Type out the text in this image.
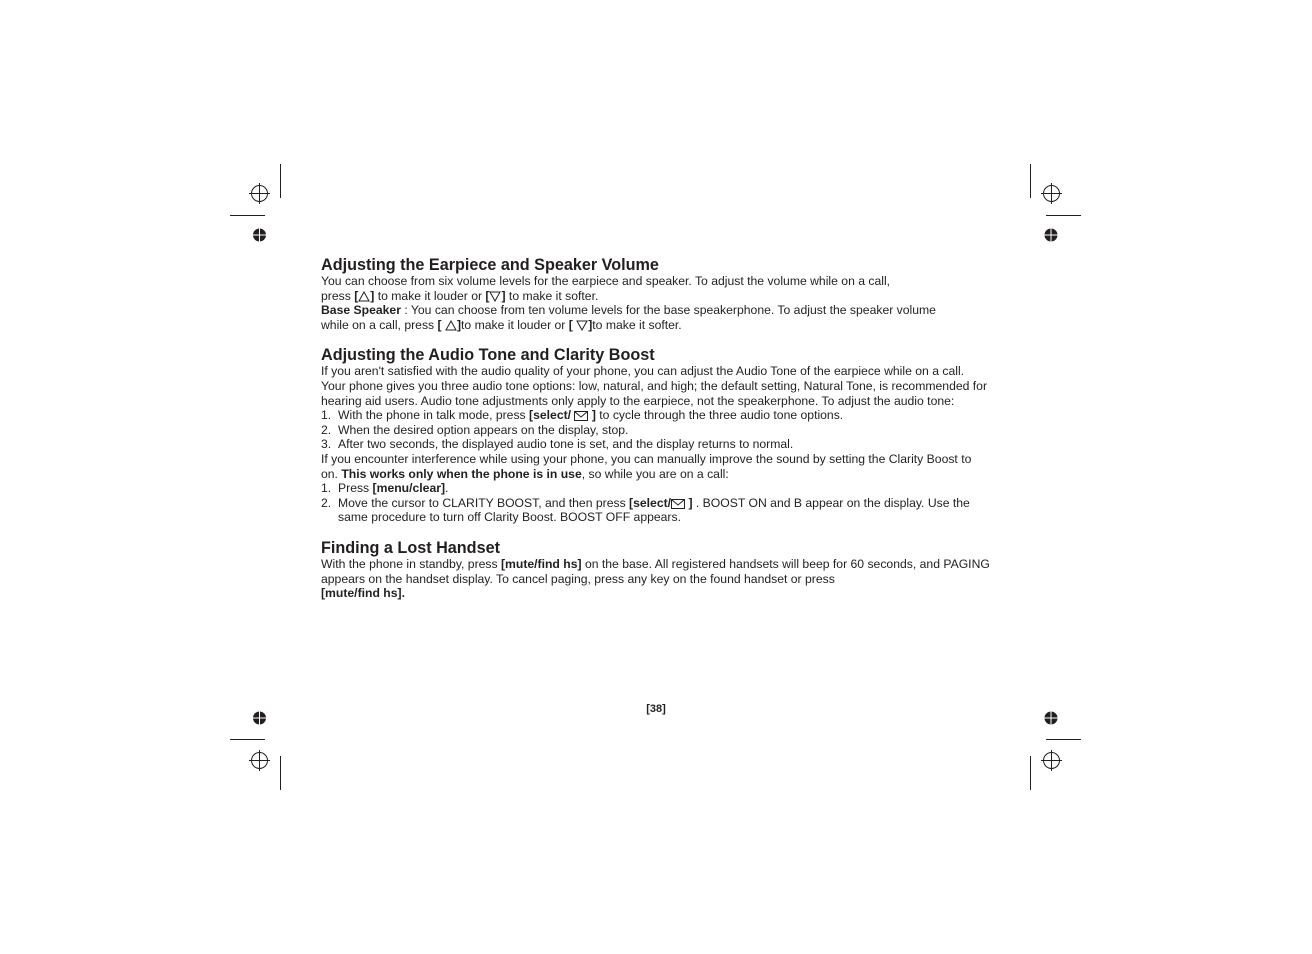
Adjusting the Earpiece and Speaker Volume

You can choose from six volume levels for the earpiece and speaker. To adjust the volume while on a call,

press [ ] to make it louder or [ ] to make it softer.

Base Speaker : You can choose from ten volume levels for the base speakerphone. To adjust the speaker volume

while on a call, press [ ]to make it louder or [ ]to make it softer.

Adjusting the Audio Tone and Clarity Boost

If you aren't satisfied with the audio quality of your phone, you can adjust the Audio Tone of the earpiece while on a call. Your phone gives you three audio tone options: low, natural, and high; the default setting, Natural Tone, is recommended for hearing aid users. Audio tone adjustments only apply to the earpiece, not the speakerphone. To adjust the audio tone:

1. With the phone in talk mode, press [select/  ] to cycle through the three audio tone options.
2. When the desired option appears on the display, stop.
3. After two seconds, the displayed audio tone is set, and the display returns to normal.

If you encounter interference while using your phone, you can manually improve the sound by setting the Clarity Boost to on. This works only when the phone is in use, so while you are on a call:

1. Press [menu/clear].
2. Move the cursor to CLARITY BOOST, and then press [select/ ] . BOOST ON and B appear on the display. Use the same procedure to turn off Clarity Boost. BOOST OFF appears.
Finding a Lost Handset

With the phone in standby, press [mute/find hs] on the base. All registered handsets will beep for 60 seconds, and PAGING appears on the handset display. To cancel paging, press any key on the found handset or press
[mute/find hs].

[38]
